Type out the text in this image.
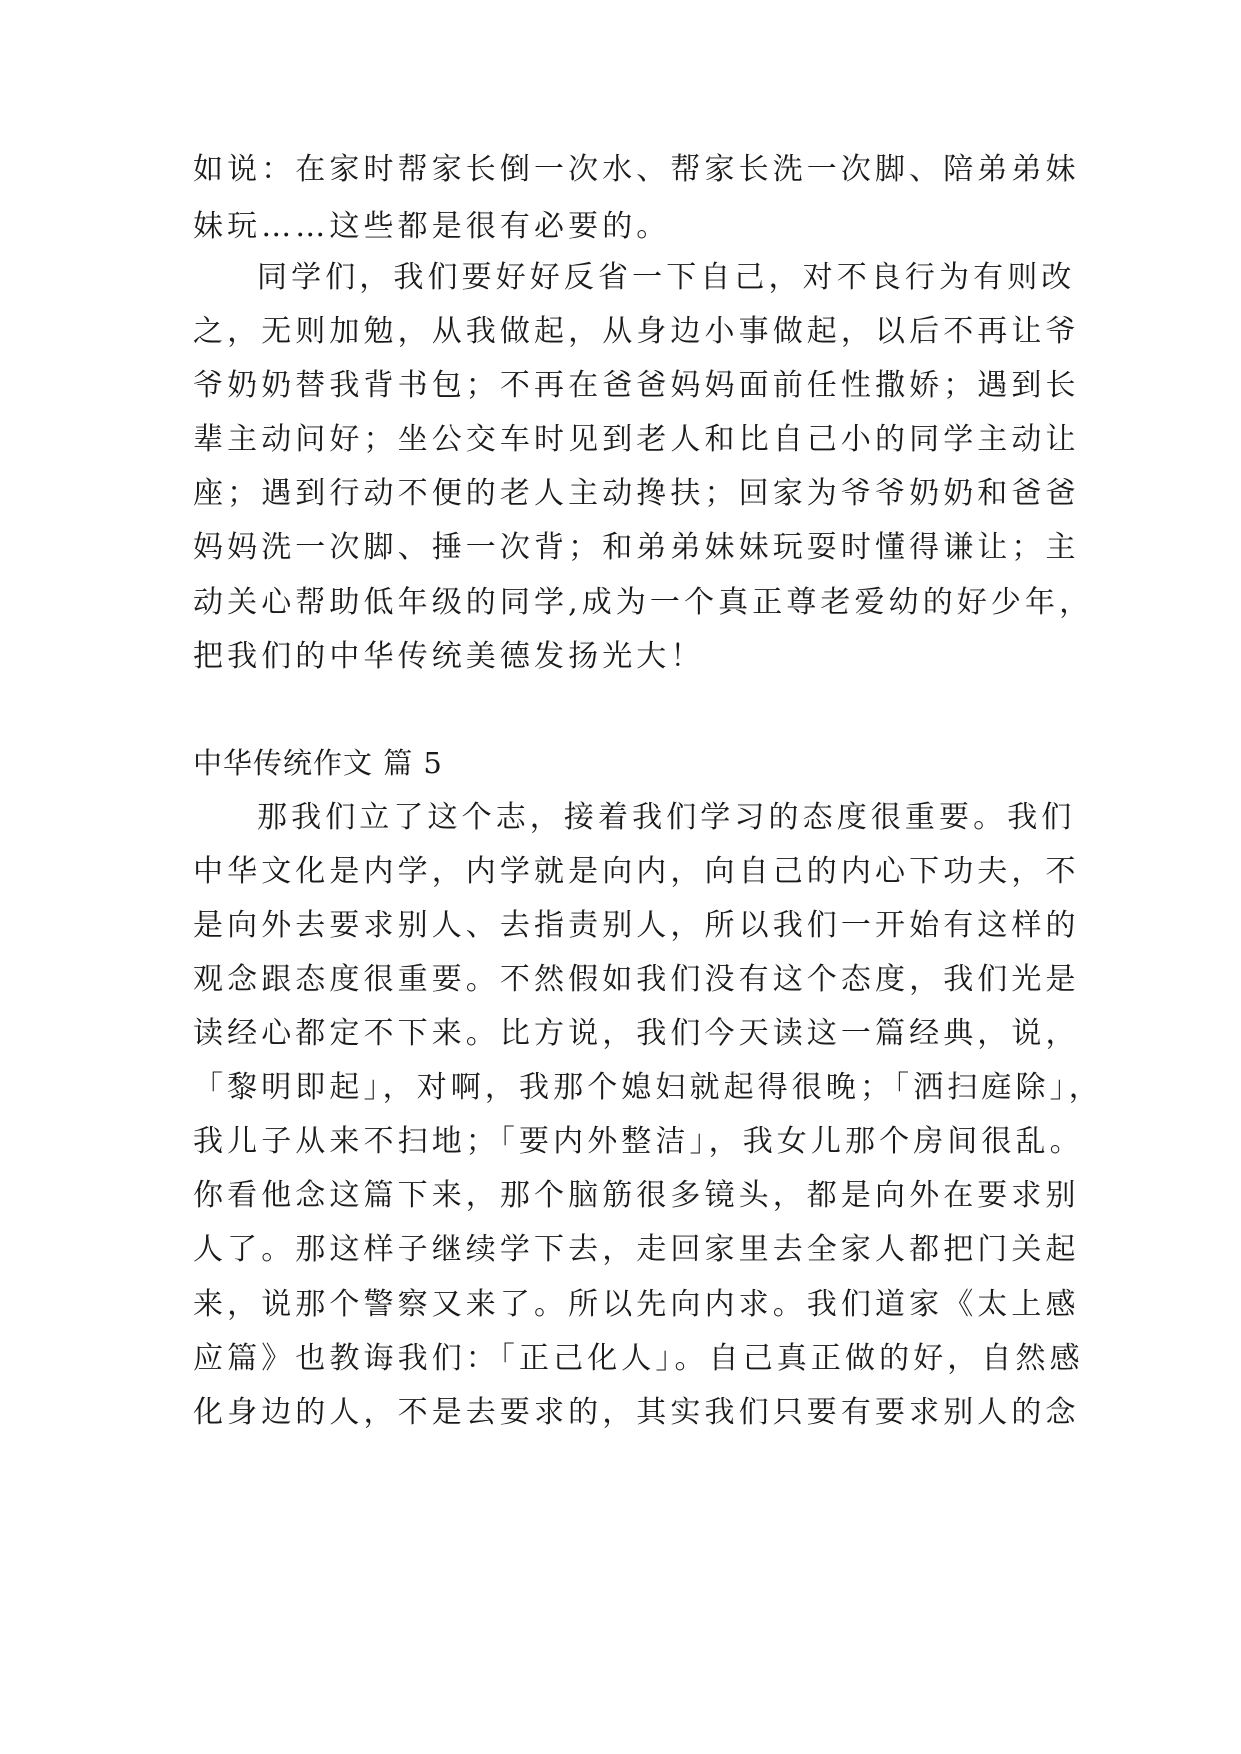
如说：在家时帮家长倒一次水、帮家长洗一次脚、陪弟弟妹
妹玩……这些都是很有必要的。
同学们，我们要好好反省一下自己，对不良行为有则改
之，无则加勉，从我做起，从身边小事做起，以后不再让爷
爷奶奶替我背书包；不再在爸爸妈妈面前任性撒娇；遇到长
辈主动问好；坐公交车时见到老人和比自己小的同学主动让
座；遇到行动不便的老人主动搀扶；回家为爷爷奶奶和爸爸
妈妈洗一次脚、捶一次背；和弟弟妹妹玩耍时懂得谦让；主
动关心帮助低年级的同学,成为一个真正尊老爱幼的好少年，
把我们的中华传统美德发扬光大！
中华传统作文 篇 5
那我们立了这个志，接着我们学习的态度很重要。我们
中华文化是内学，内学就是向内，向自己的内心下功夫，不
是向外去要求别人、去指责别人，所以我们一开始有这样的
观念跟态度很重要。不然假如我们没有这个态度，我们光是
读经心都定不下来。比方说，我们今天读这一篇经典，说，
「黎明即起」，对啊，我那个媳妇就起得很晚；「洒扫庭除」，
我儿子从来不扫地；「要内外整洁」，我女儿那个房间很乱。
你看他念这篇下来，那个脑筋很多镜头，都是向外在要求别
人了。那这样子继续学下去，走回家里去全家人都把门关起
来，说那个警察又来了。所以先向内求。我们道家《太上感
应篇》也教诲我们：「正己化人」。自己真正做的好，自然感
化身边的人，不是去要求的，其实我们只要有要求别人的念
